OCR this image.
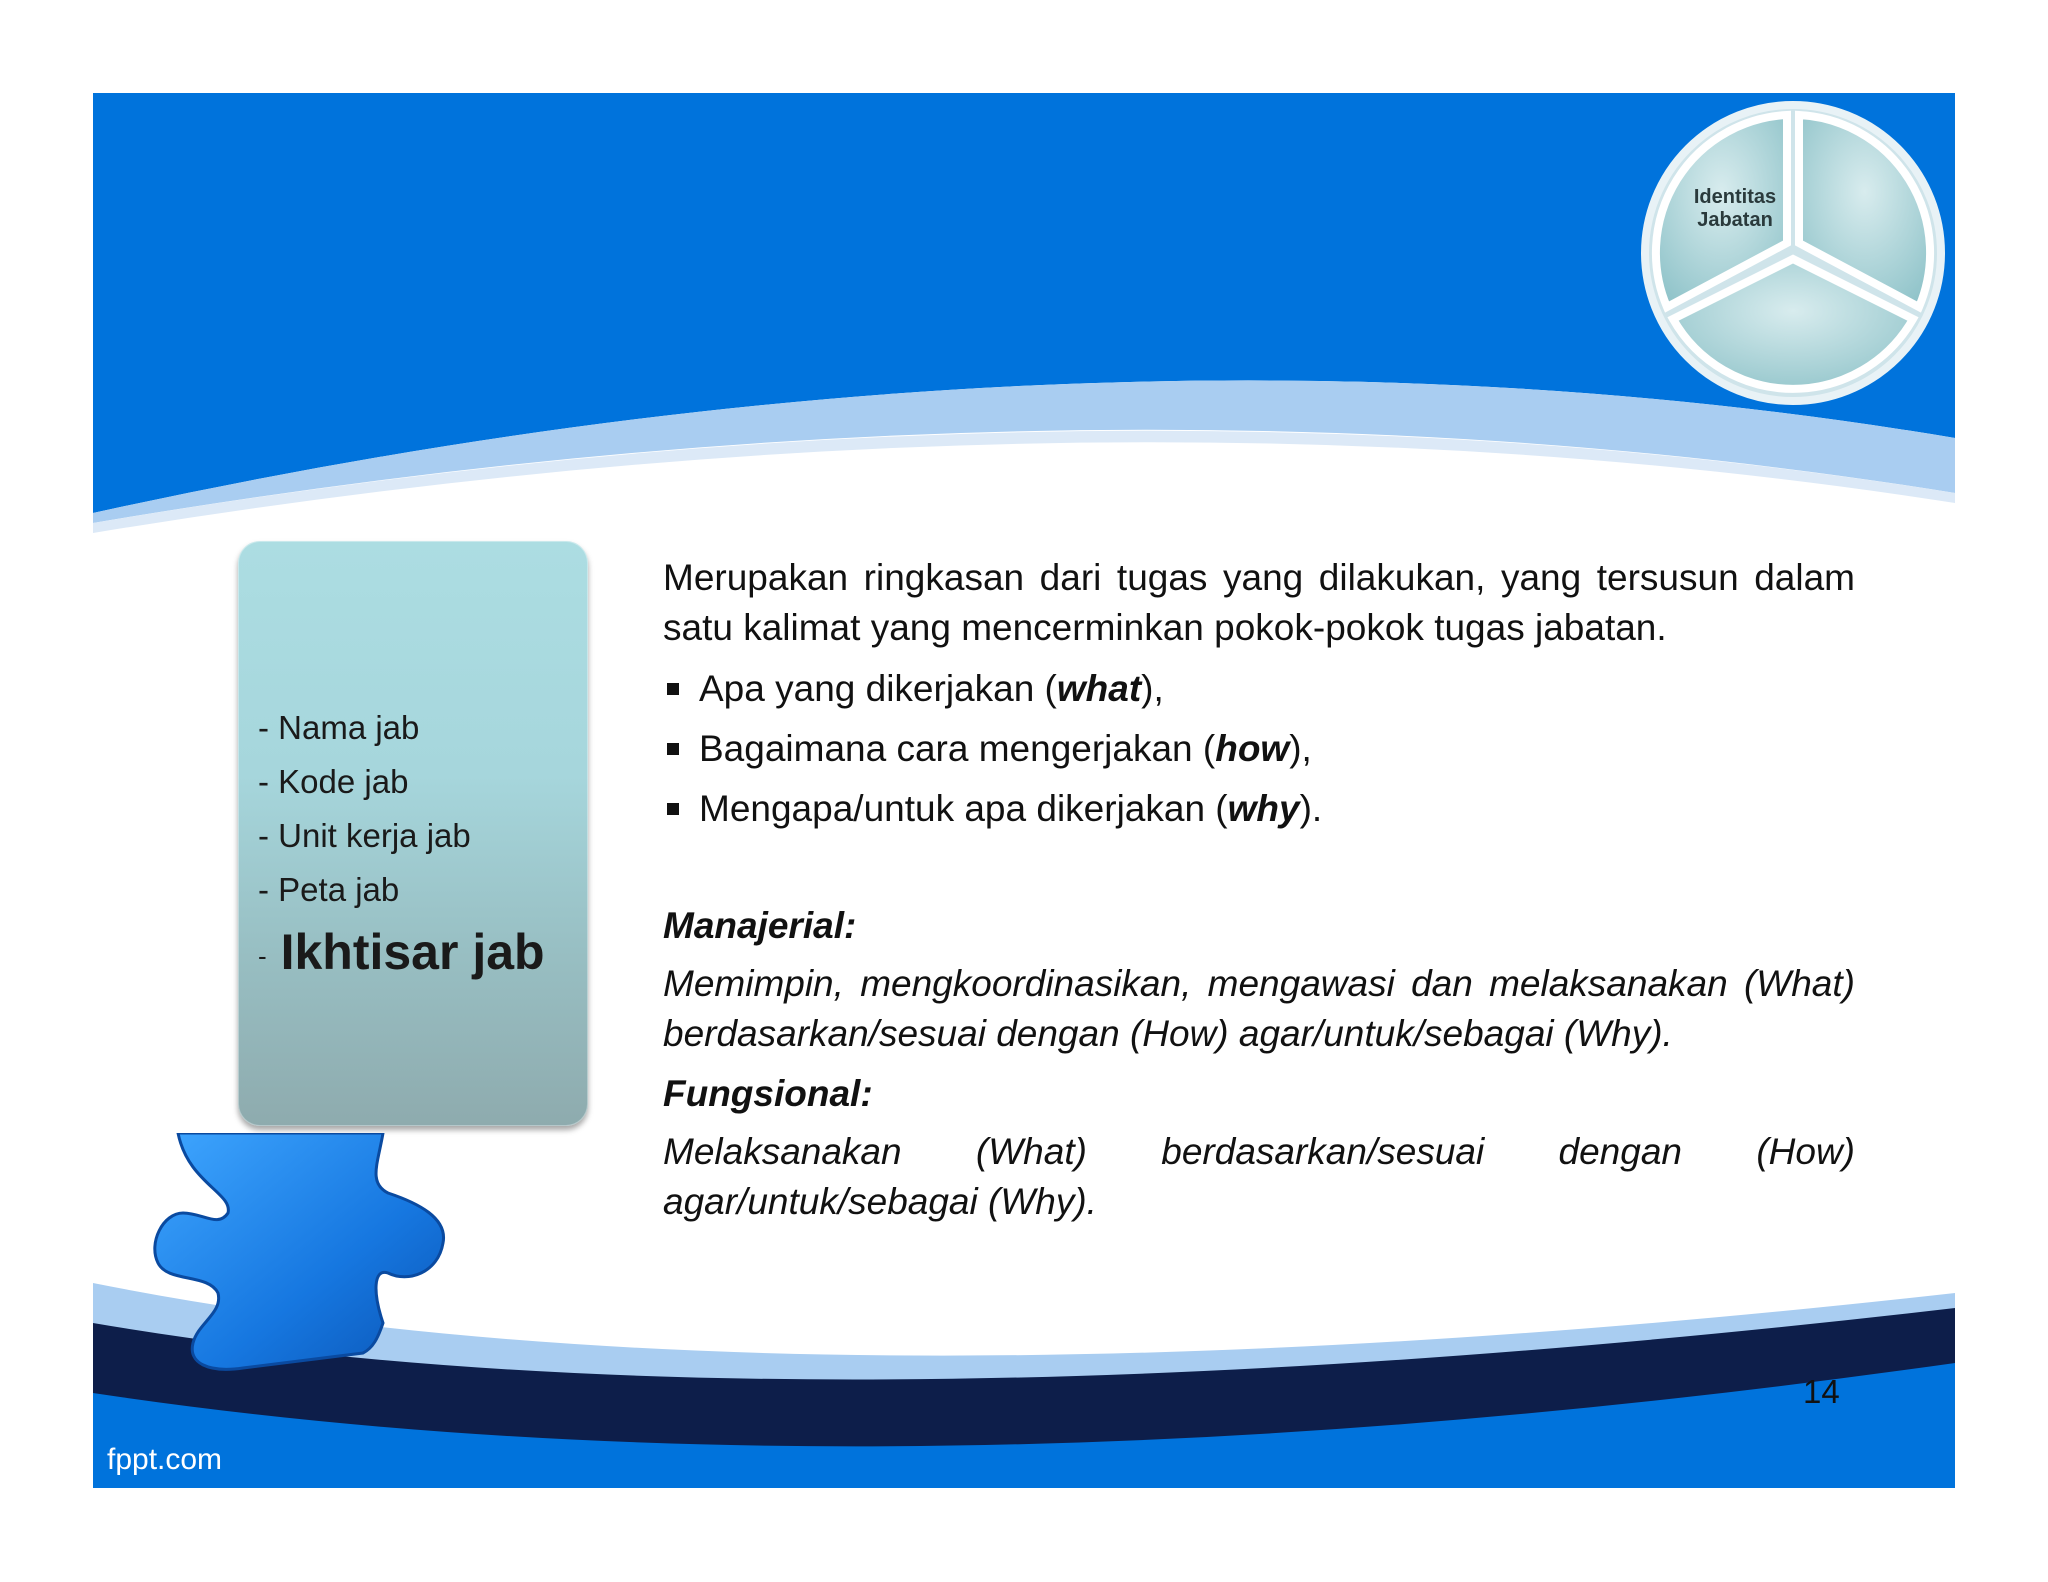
Identitas
Jabatan
- Nama jab
- Kode jab
- Unit kerja jab
- Peta jab
- Ikhtisar jab

Merupakan ringkasan dari tugas yang dilakukan, yang tersusun dalam satu kalimat yang mencerminkan pokok-pokok tugas jabatan.

Apa yang dikerjakan (what),
Bagaimana cara mengerjakan (how),
Mengapa/untuk apa dikerjakan (why).

Manajerial:

Memimpin, mengkoordinasikan, mengawasi dan melaksanakan (What) berdasarkan/sesuai dengan (How) agar/untuk/sebagai (Why).

Fungsional:

Melaksanakan (What) berdasarkan/sesuai dengan (How) agar/untuk/sebagai (Why).

14
fppt.com
